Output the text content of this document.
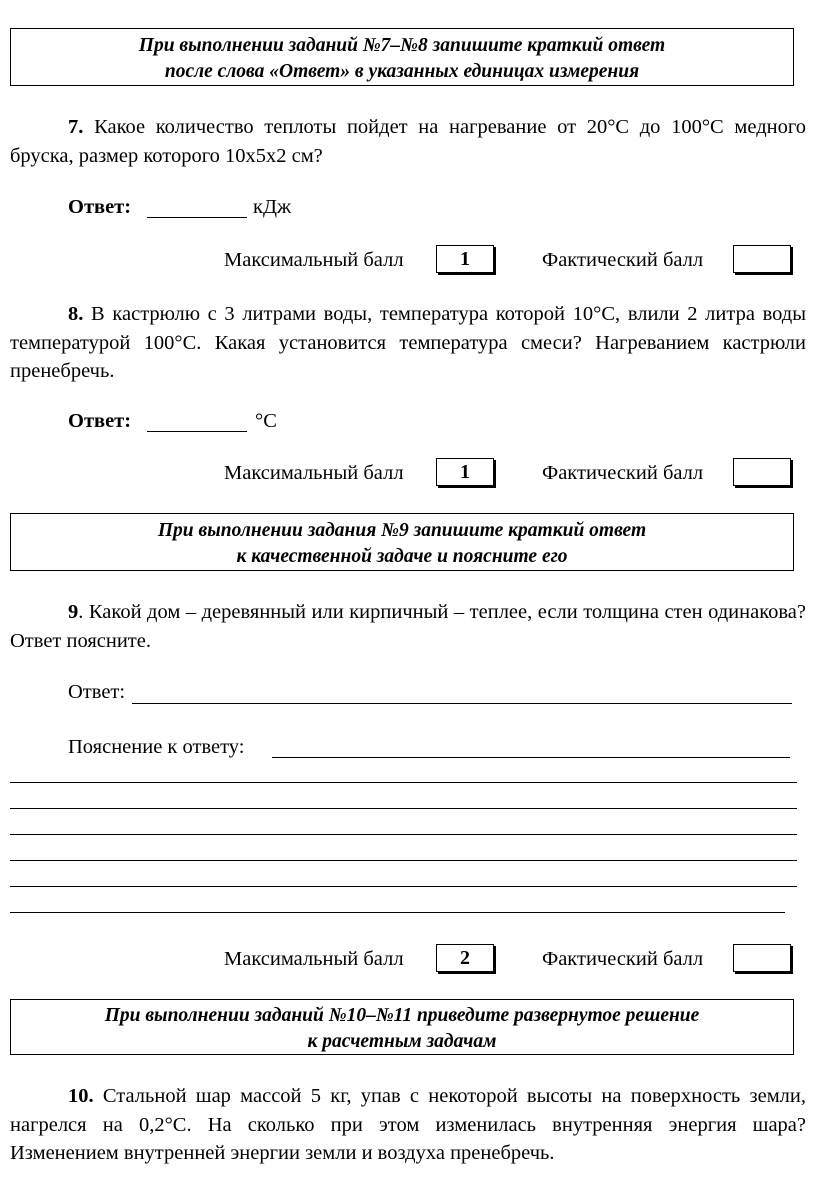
При выполнении заданий №7–№8 запишите краткий ответ
после слова «Ответ» в указанных единицах измерения
7. Какое количество теплоты пойдет на нагревание от 20°С до 100°С медного бруска, размер которого 10х5х2 см?
Ответ:	кДж
Максимальный балл	1	Фактический балл
8. В кастрюлю с 3 литрами воды, температура которой 10°С, влили 2 литра воды температурой 100°С. Какая установится температура смеси? Нагреванием кастрюли пренебречь.
Ответ:	°С
Максимальный балл	1	Фактический балл
При выполнении задания №9 запишите краткий ответ
к качественной задаче и поясните его
9. Какой дом – деревянный или кирпичный – теплее, если толщина стен одинакова? Ответ поясните.
Ответ:
Пояснение к ответу:
Максимальный балл	2	Фактический балл
При выполнении заданий №10–№11 приведите развернутое решение
к расчетным задачам
10. Стальной шар массой 5 кг, упав с некоторой высоты на поверхность земли, нагрелся на 0,2°С. На сколько при этом изменилась внутренняя энергия шара? Изменением внутренней энергии земли и воздуха пренебречь.
